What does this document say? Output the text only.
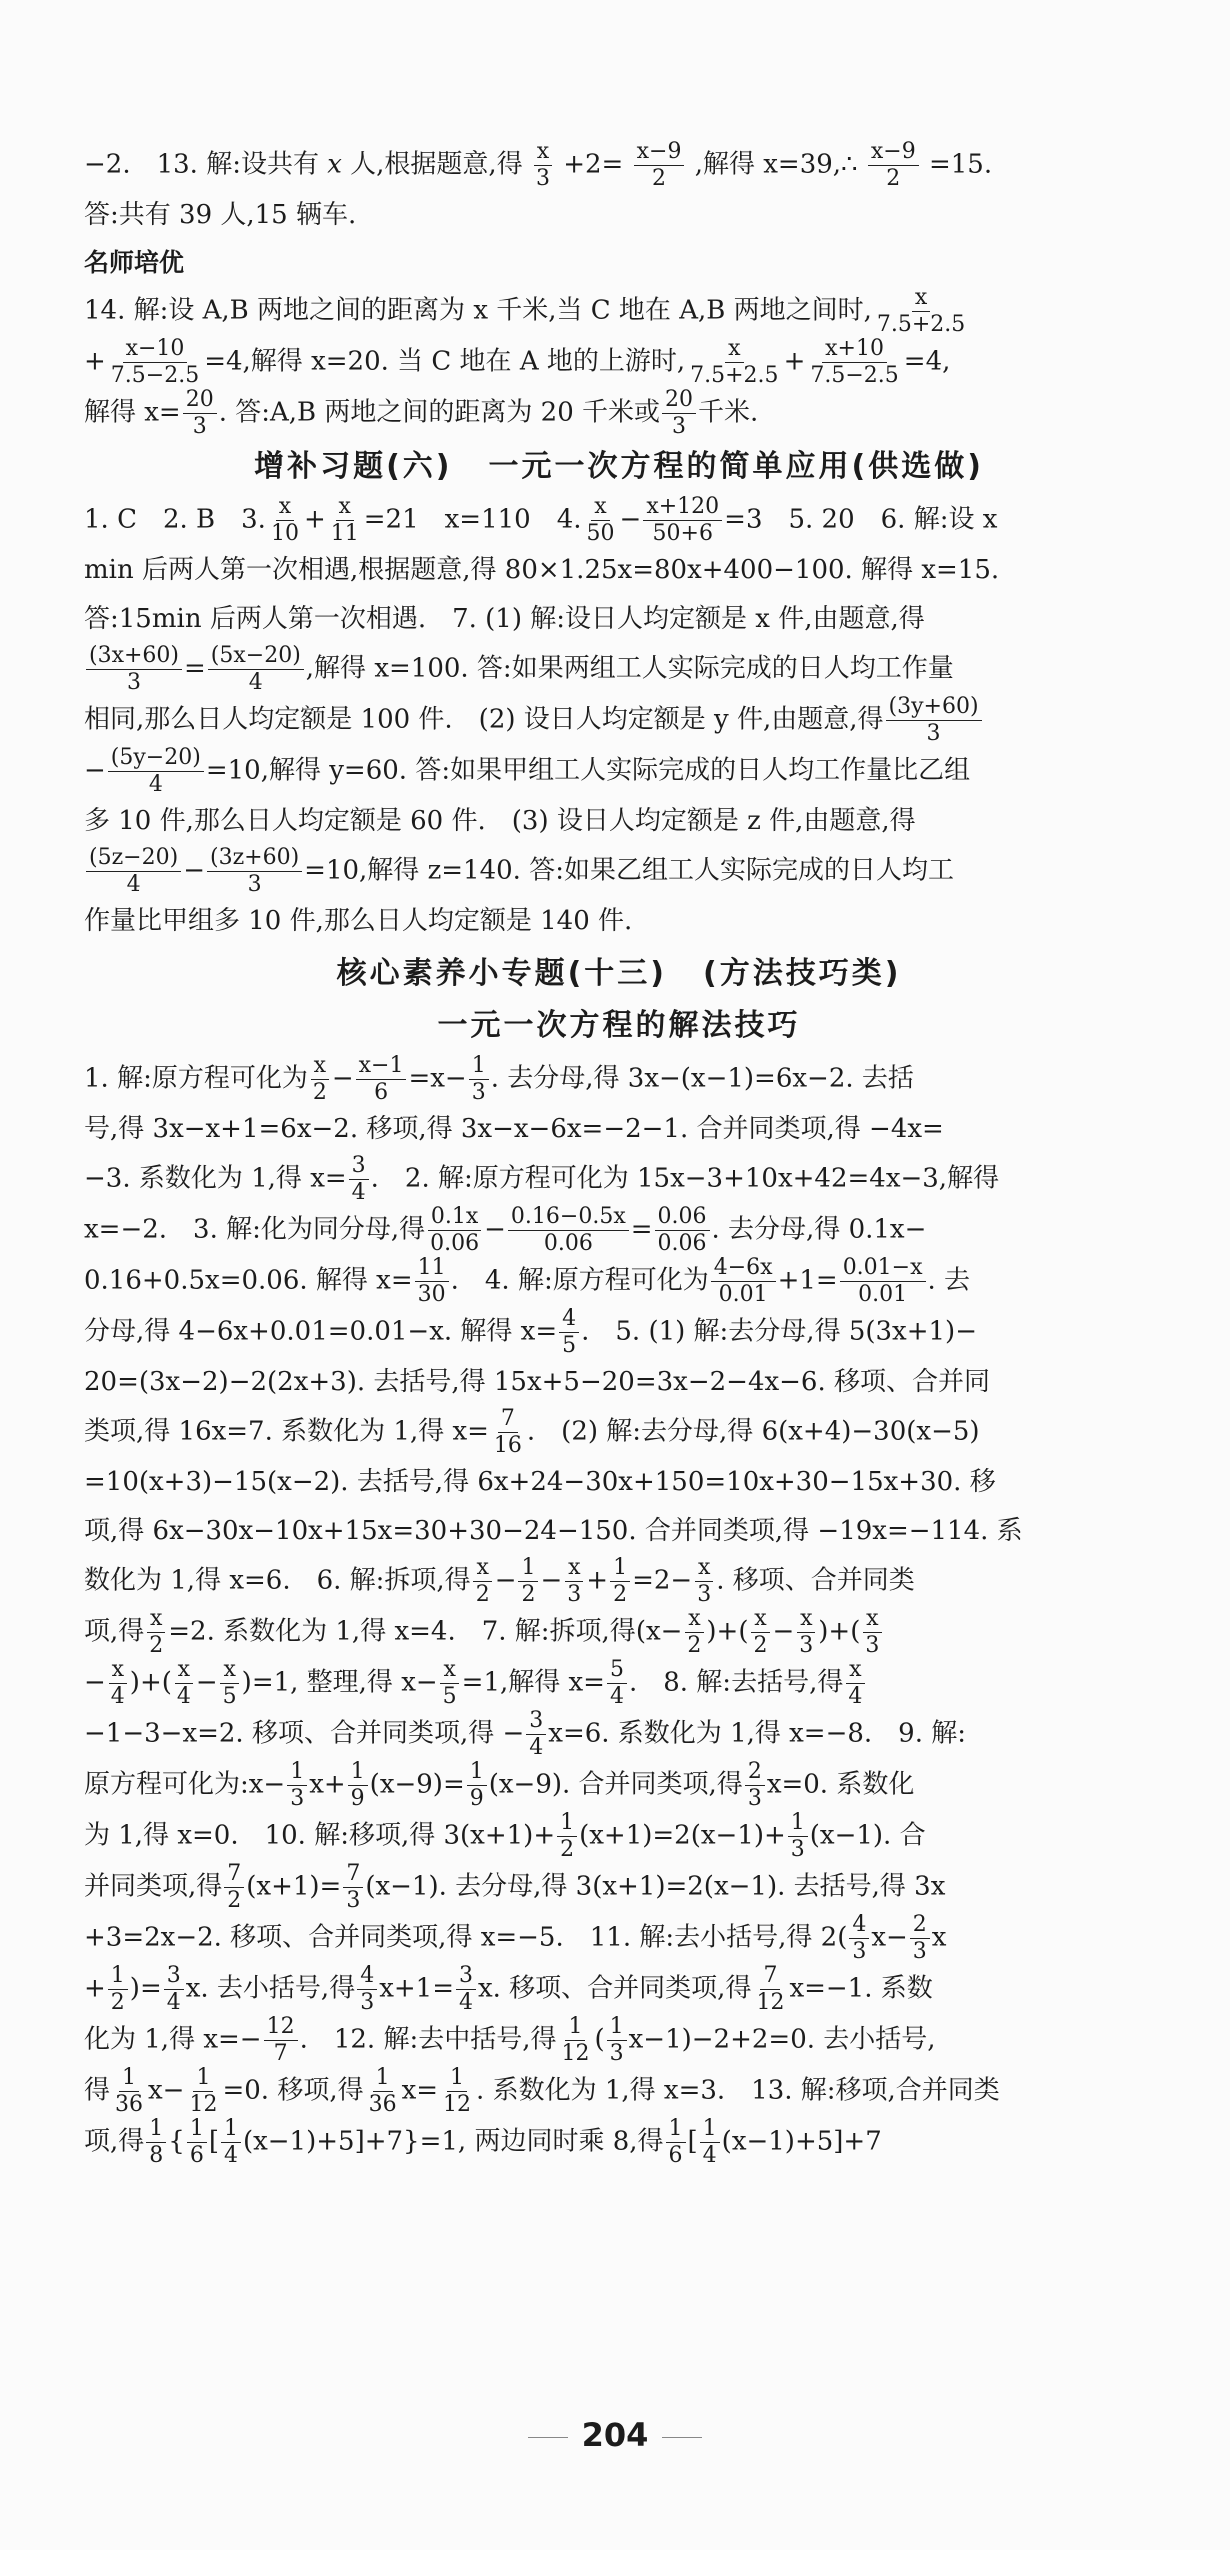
−2.　13. 解:设共有 x 人,根据题意,得 $\frac{x}{3} +2= \frac{x-9}{2}$ ,解得 x=39,∴ $\frac{x-9}{2} =15$.
答:共有 39 人,15 辆车.

名师培优

14. 解:设 A,B 两地之间的距离为 x 千米,当 C 地在 A,B 两地之间时, $\frac{x}{7.5+2.5}$

+ $\frac{x-10}{7.5-2.5} =4$,解得 x=20. 当 C 地在 A 地的上游时, $\frac{x}{7.5+2.5} + \frac{x+10}{7.5-2.5} =4$,
解得 $x= \frac{20}{3}$ . 答:A,B 两地之间的距离为 20 千米或 $\frac{20}{3}$ 千米.

增补习题(六) 一元一次方程的简单应用(供选做)

1. C　2. B　3. $\frac{x}{10} + \frac{x}{11} =21$　x=110　4. $\frac{x}{50} - \frac{x+120}{50+6} =3$　5. 20　6. 解:设 x
min 后两人第一次相遇,根据题意,得 80×1.25x=80x+400−100. 解得 x=15.
答:15min 后两人第一次相遇.　7. (1) 解:设日人均定额是 x 件,由题意,得

$\frac{(3x+60)}{3} = \frac{(5x-20)}{4}$ ,解得 x=100. 答:如果两组工人实际完成的日人均工作量
相同,那么日人均定额是 100 件.　(2) 设日人均定额是 y 件,由题意,得 $\frac{(3y+60)}{3}$

− $\frac{(5y-20)}{4} =10$,解得 y=60. 答:如果甲组工人实际完成的日人均工作量比乙组
多 10 件,那么日人均定额是 60 件.　(3) 设日人均定额是 z 件,由题意,得

$\frac{(5z-20)}{4} - \frac{(3z+60)}{3} =10$,解得 z=140. 答:如果乙组工人实际完成的日人均工
作量比甲组多 10 件,那么日人均定额是 140 件.

核心素养小专题(十三) (方法技巧类)
一元一次方程的解法技巧

1. 解:原方程可化为 $\frac{x}{2} - \frac{x-1}{6} =x- \frac{1}{3}$ . 去分母,得 3x−(x−1)=6x−2. 去括
号,得 3x−x+1=6x−2. 移项,得 3x−x−6x=−2−1. 合并同类项,得 −4x=
−3. 系数化为 1,得 $x= \frac{3}{4}$ .　2. 解:原方程可化为 15x−3+10x+42=4x−3,解得
x=−2.　3. 解:化为同分母,得 $\frac{0.1x}{0.06} - \frac{0.16-0.5x}{0.06} = \frac{0.06}{0.06}$ . 去分母,得 0.1x−
0.16+0.5x=0.06. 解得 $x= \frac{11}{30}$ .　4. 解:原方程可化为 $\frac{4-6x}{0.01} +1= \frac{0.01-x}{0.01}$ . 去
分母,得 4−6x+0.01=0.01−x. 解得 $x= \frac{4}{5}$ .　5. (1) 解:去分母,得 5(3x+1)−
20=(3x−2)−2(2x+3). 去括号,得 15x+5−20=3x−2−4x−6. 移项、合并同
类项,得 16x=7. 系数化为 1,得 $x= \frac{7}{16}$ .　(2) 解:去分母,得 6(x+4)−30(x−5)
=10(x+3)−15(x−2). 去括号,得 6x+24−30x+150=10x+30−15x+30. 移
项,得 6x−30x−10x+15x=30+30−24−150. 合并同类项,得 −19x=−114. 系
数化为 1,得 x=6.　6. 解:拆项,得 $\frac{x}{2} - \frac{1}{2} - \frac{x}{3} + \frac{1}{2} =2- \frac{x}{3}$ . 移项、合并同类
项,得 $\frac{x}{2} =2$. 系数化为 1,得 x=4.　7. 解:拆项,得($x- \frac{x}{2}$ )+( $\frac{x}{2} - \frac{x}{3}$ )+( $\frac{x}{3}$

− $\frac{x}{4}$ )+( $\frac{x}{4} - \frac{x}{5} )=1$, 整理,得 $x- \frac{x}{5} =1$,解得 $x= \frac{5}{4}$ .　8. 解:去括号,得 $\frac{x}{4}$

−1−3−x=2. 移项、合并同类项,得 − $\frac{3}{4} x=6$. 系数化为 1,得 x=−8.　9. 解:
原方程可化为:x− $\frac{1}{3} x+ \frac{1}{9} (x-9)= \frac{1}{9} (x-9)$. 合并同类项,得 $\frac{2}{3} x=0$. 系数化
为 1,得 x=0.　10. 解:移项,得 $3(x+1)+ \frac{1}{2} (x+1)=2(x-1)+ \frac{1}{3} (x-1)$. 合
并同类项,得 $\frac{7}{2} (x+1)= \frac{7}{3} (x-1)$. 去分母,得 3(x+1)=2(x−1). 去括号,得 3x
+3=2x−2. 移项、合并同类项,得 x=−5.　11. 解:去小括号,得 $2( \frac{4}{3} x- \frac{2}{3}$ x
+ $\frac{1}{2}$ )= $\frac{3}{4} x$. 去小括号,得 $\frac{4}{3} x+1= \frac{3}{4} x$. 移项、合并同类项,得 $\frac{7}{12} x=-1$. 系数
化为 1,得 $x=- \frac{12}{7}$ .　12. 解:去中括号,得 $\frac{1}{12}$ ( $\frac{1}{3} x-1)-2+2=0$. 去小括号,
得 $\frac{1}{36} x- \frac{1}{12} =0$. 移项,得 $\frac{1}{36} x= \frac{1}{12}$ . 系数化为 1,得 x=3.　13. 解:移项,合并同类
项,得 $\frac{1}{8}$ { $\frac{1}{6}$ [ $\frac{1}{4} (x-1)+5]+7\}=1$, 两边同时乘 8,得 $\frac{1}{6}$ [ $\frac{1}{4} (x-1)+5]+7$

204
